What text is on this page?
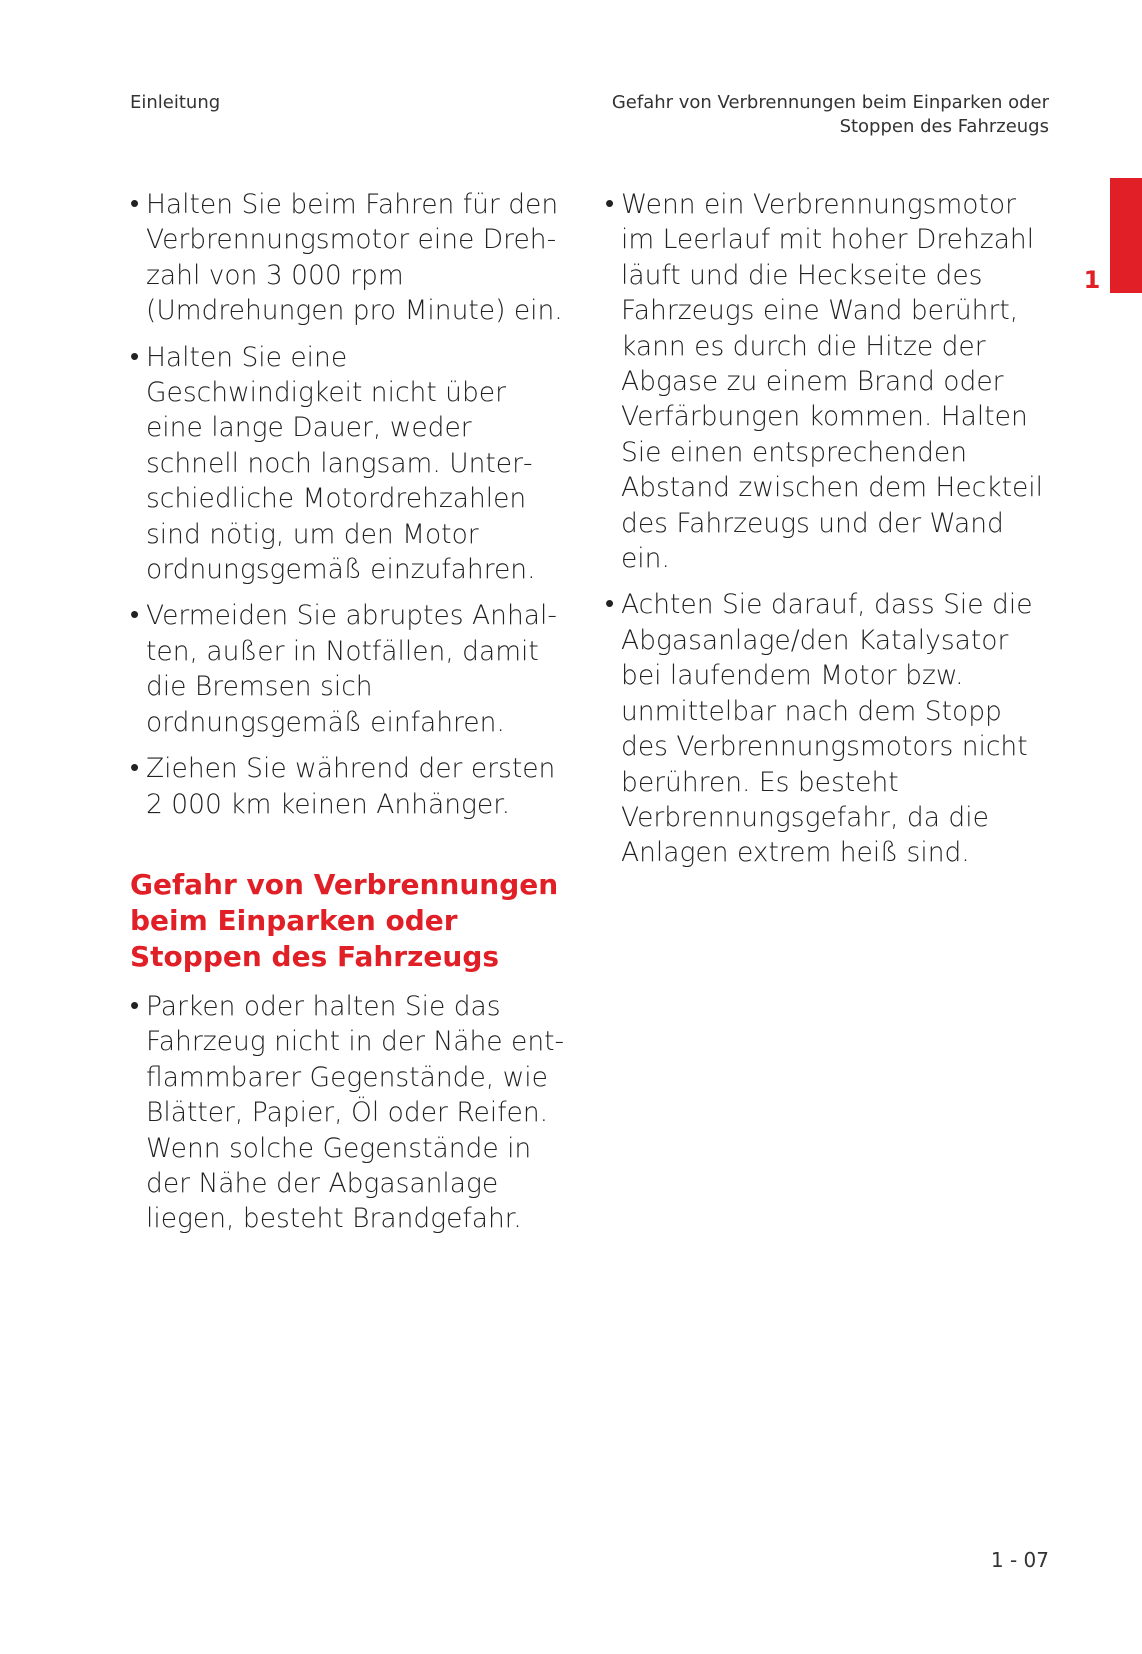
Einleitung	Gefahr von Verbrennungen beim Einparken oder
Stoppen des Fahrzeugs
1
• Halten Sie beim Fahren für den Verbrennungsmotor eine Drehzahl von 3 000 rpm (Umdrehungen pro Minute) ein.
• Halten Sie eine Geschwindigkeit nicht über eine lange Dauer, weder schnell noch langsam. Unterschiedliche Motordrehzahlen sind nötig, um den Motor ordnungsgemäß einzufahren.
• Vermeiden Sie abruptes Anhalten, außer in Notfällen, damit die Bremsen sich ordnungsgemäß einfahren.
• Ziehen Sie während der ersten 2 000 km keinen Anhänger.
Gefahr von Verbrennungen beim Einparken oder Stoppen des Fahrzeugs
• Parken oder halten Sie das Fahrzeug nicht in der Nähe entflammbarer Gegenstände, wie Blätter, Papier, Öl oder Reifen. Wenn solche Gegenstände in der Nähe der Abgasanlage liegen, besteht Brandgefahr.
• Wenn ein Verbrennungsmotor im Leerlauf mit hoher Drehzahl läuft und die Heckseite des Fahrzeugs eine Wand berührt, kann es durch die Hitze der Abgase zu einem Brand oder Verfärbungen kommen. Halten Sie einen entsprechenden Abstand zwischen dem Heckteil des Fahrzeugs und der Wand ein.
• Achten Sie darauf, dass Sie die Abgasanlage/den Katalysator bei laufendem Motor bzw. unmittelbar nach dem Stopp des Verbrennungsmotors nicht berühren. Es besteht Verbrennungsgefahr, da die Anlagen extrem heiß sind.
1 - 07
